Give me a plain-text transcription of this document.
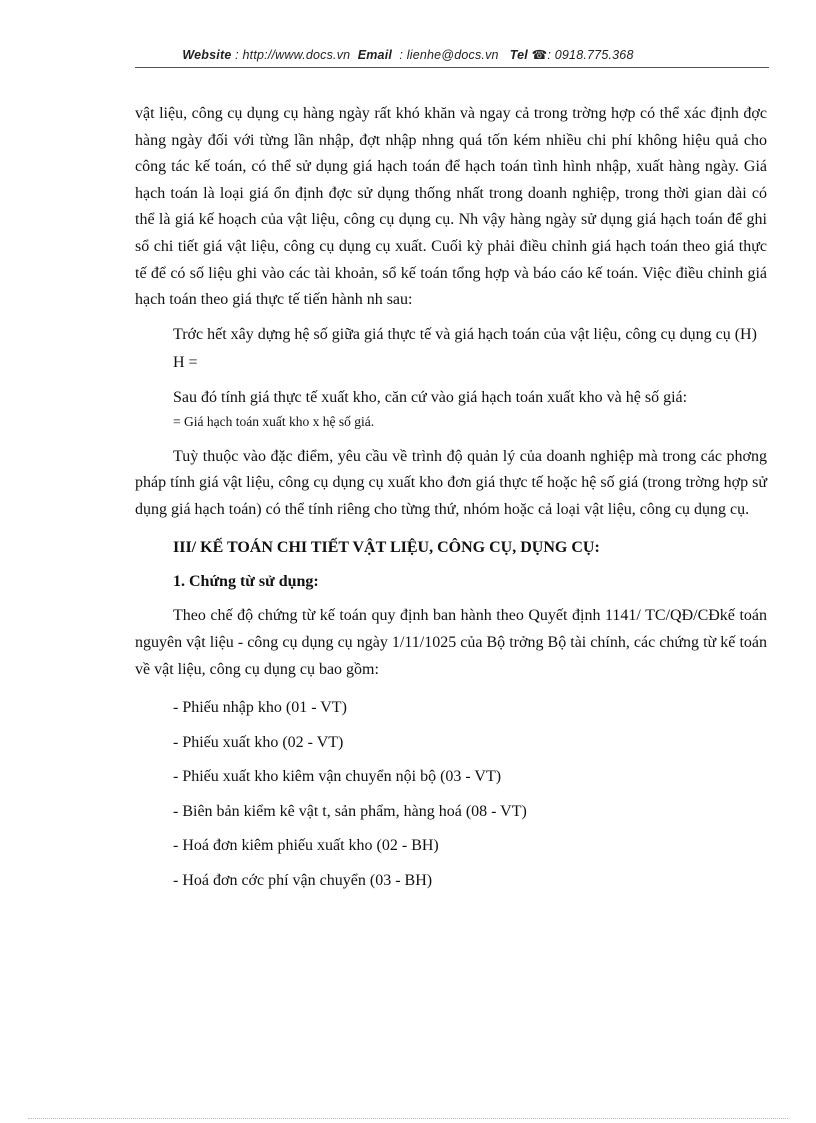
Website : http://www.docs.vn Email  : lienhe@docs.vn Tel ☎: 0918.775.368

vật liệu, công cụ dụng cụ hàng ngày rất khó khăn và ngay cả trong trờng hợp có thể xác định đợc hàng ngày đối với từng lần nhập, đợt nhập nhng quá tốn kém nhiều chi phí không hiệu quả cho công tác kế toán, có thể sử dụng giá hạch toán để hạch toán tình hình nhập, xuất hàng ngày. Giá hạch toán là loại giá ổn định đợc sử dụng thống nhất trong doanh nghiệp, trong thời gian dài có thể là giá kế hoạch của vật liệu, công cụ dụng cụ. Nh vậy hàng ngày sử dụng giá hạch toán để ghi sổ chi tiết giá vật liệu, công cụ dụng cụ xuất. Cuối kỳ phải điều chỉnh giá hạch toán theo giá thực tế để có số liệu ghi vào các tài khoản, sổ kế toán tổng hợp và báo cáo kế toán. Việc điều chỉnh giá hạch toán theo giá thực tế tiến hành nh sau:

Trớc hết xây dựng hệ số giữa giá thực tế và giá hạch toán của vật liệu, công cụ dụng cụ (H)

H =

Sau đó tính giá thực tế xuất kho, căn cứ vào giá hạch toán xuất kho và hệ số giá:

= Giá hạch toán xuất kho x hệ số giá.

Tuỳ thuộc vào đặc điểm, yêu cầu về trình độ quản lý của doanh nghiệp mà trong các phơng pháp tính giá vật liệu, công cụ dụng cụ xuất kho đơn giá thực tế hoặc hệ số giá (trong trờng hợp sử dụng giá hạch toán) có thể tính riêng cho từng thứ, nhóm hoặc cả loại vật liệu, công cụ dụng cụ.

III/ KẾ TOÁN CHI TIẾT VẬT LIỆU, CÔNG CỤ, DỤNG CỤ:

1. Chứng từ sử dụng:

Theo chế độ chứng từ kế toán quy định ban hành theo Quyết định 1141/ TC/QĐ/CĐkế toán nguyên vật liệu - công cụ dụng cụ ngày 1/11/1025 của Bộ trởng Bộ tài chính, các chứng từ kế toán về vật liệu, công cụ dụng cụ bao gồm:

- Phiếu nhập kho (01 - VT)

- Phiếu xuất kho (02 - VT)

- Phiếu xuất kho kiêm vận chuyển nội bộ (03 - VT)

- Biên bản kiểm kê vật t, sản phẩm, hàng hoá (08 - VT)

- Hoá đơn kiêm phiếu xuất kho (02 - BH)

- Hoá đơn cớc phí vận chuyển (03 - BH)
